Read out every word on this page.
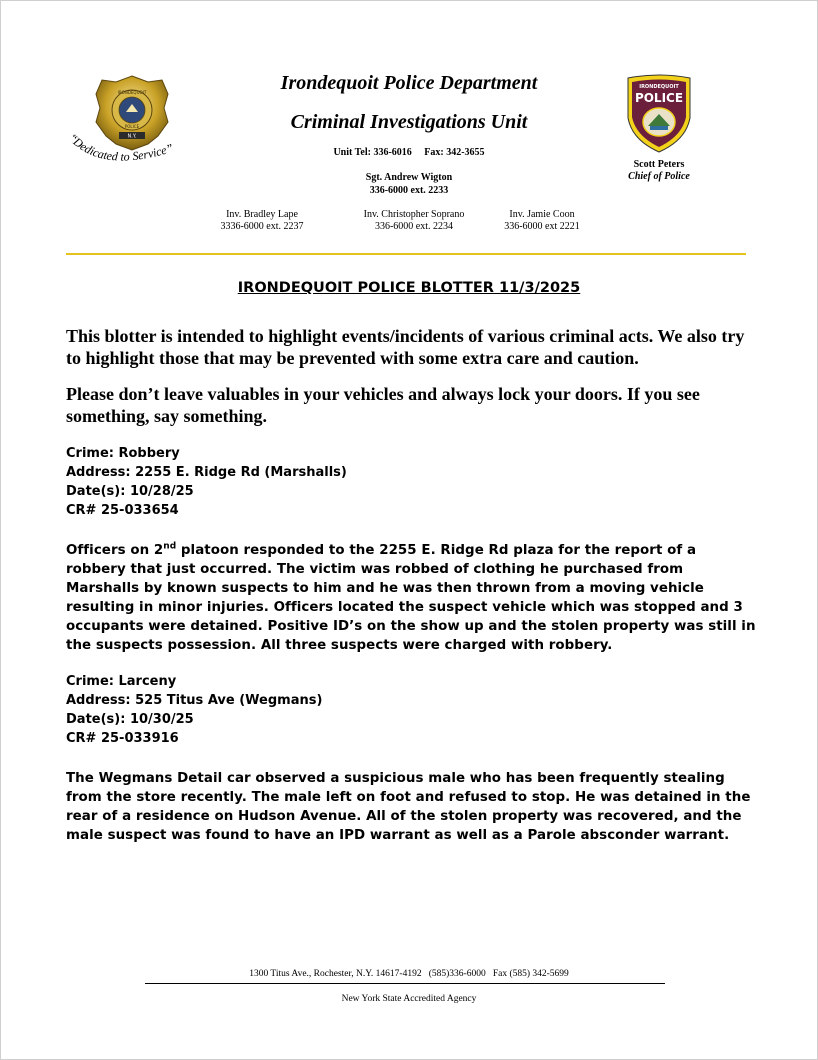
N.Y.
IRONDEQUOIT
POLICE
“Dedicated to Service”
IRONDEQUOIT
POLICE
Irondequoit Police Department
Criminal Investigations Unit
Unit Tel: 336-6016     Fax: 342-3655
Sgt. Andrew Wigton
336-6000 ext. 2233
Inv. Bradley Lape
3336-6000 ext. 2237
Inv. Christopher Soprano
336-6000 ext. 2234
Inv. Jamie Coon
336-6000 ext 2221
Scott Peters
Chief of Police
IRONDEQUOIT POLICE BLOTTER 11/3/2025
This blotter is intended to highlight events/incidents of various criminal acts. We also try to highlight those that may be prevented with some extra care and caution.
Please don’t leave valuables in your vehicles and always lock your doors. If you see something, say something.
Crime: Robbery
Address: 2255 E. Ridge Rd (Marshalls)
Date(s): 10/28/25
CR# 25-033654
Officers on 2nd platoon responded to the 2255 E. Ridge Rd plaza for the report of a robbery that just occurred. The victim was robbed of clothing he purchased from Marshalls by known suspects to him and he was then thrown from a moving vehicle resulting in minor injuries. Officers located the suspect vehicle which was stopped and 3 occupants were detained. Positive ID’s on the show up and the stolen property was still in the suspects possession. All three suspects were charged with robbery.
Crime: Larceny
Address: 525 Titus Ave (Wegmans)
Date(s): 10/30/25
CR# 25-033916
The Wegmans Detail car observed a suspicious male who has been frequently stealing from the store recently. The male left on foot and refused to stop. He was detained in the rear of a residence on Hudson Avenue. All of the stolen property was recovered, and the male suspect was found to have an IPD warrant as well as a Parole absconder warrant.
1300 Titus Ave., Rochester, N.Y. 14617-4192   (585)336-6000   Fax (585) 342-5699
New York State Accredited Agency
